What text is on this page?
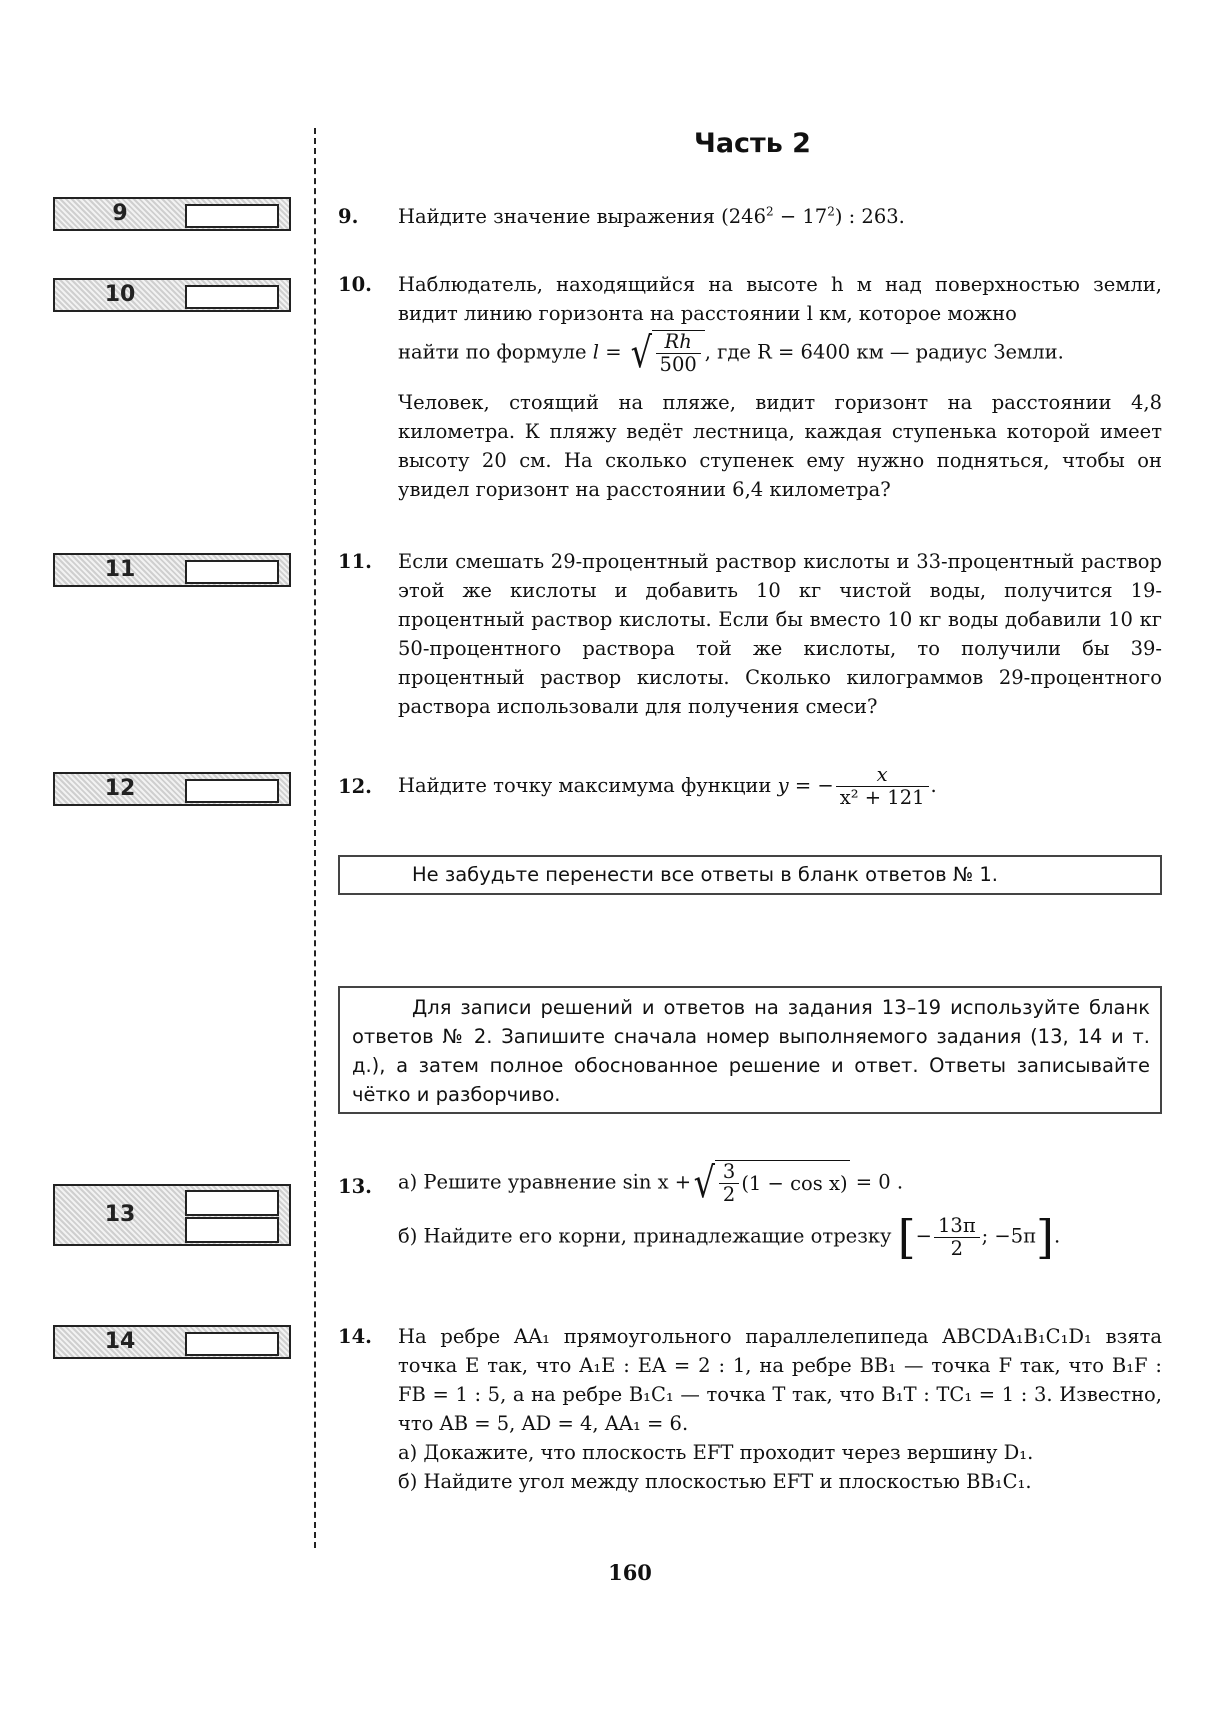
Часть 2
9
10
11
12
13
14
9. Найдите значение выражения $(246^2 - 17^2)$ : 263.
10. Наблюдатель, находящийся на высоте h м над поверхностью земли, видит линию горизонта на расстоянии l км, которое можно

найти по формуле l = √ $\frac{Rh}{500}$ , где R = 6400 км — радиус Земли.

Человек, стоящий на пляже, видит горизонт на расстоянии 4,8 километра. К пляжу ведёт лестница, каждая ступенька которой имеет высоту 20 см. На сколько ступенек ему нужно подняться, чтобы он увидел горизонт на расстоянии 6,4 километра?

11. Если смешать 29-процентный раствор кислоты и 33-процентный раствор этой же кислоты и добавить 10 кг чистой воды, получится 19-процентный раствор кислоты. Если бы вместо 10 кг воды добавили 10 кг 50-процентного раствора той же кислоты, то получили бы 39-процентный раствор кислоты. Сколько килограммов 29-процентного раствора использовали для получения смеси?

12. Найдите точку максимума функции y = − $\frac{x}{\text{x² + 121}}$ .
Не забудьте перенести все ответы в бланк ответов № 1.
Для записи решений и ответов на задания 13–19 используйте бланк ответов № 2. Запишите сначала номер выполняемого задания (13, 14 и т. д.), а затем полное обоснованное решение и ответ. Ответы записывайте чётко и разборчиво.
13. а) Решите уравнение sin x + √ $\frac{3}{2} (1 - \cos x) = 0$ .

б) Найдите его корни, принадлежащие отрезку [− $\frac{13\pi}{2}$ ; −5π].

14. На ребре AA₁ прямоугольного параллелепипеда ABCDA₁B₁C₁D₁ взята точка E так, что A₁E : EA = 2 : 1, на ребре BB₁ — точка F так, что B₁F : FB = 1 : 5, а на ребре B₁C₁ — точка T так, что B₁T : TC₁ = 1 : 3. Известно, что AB = 5, AD = 4, AA₁ = 6.

а) Докажите, что плоскость EFT проходит через вершину D₁.

б) Найдите угол между плоскостью EFT и плоскостью BB₁C₁.

160
